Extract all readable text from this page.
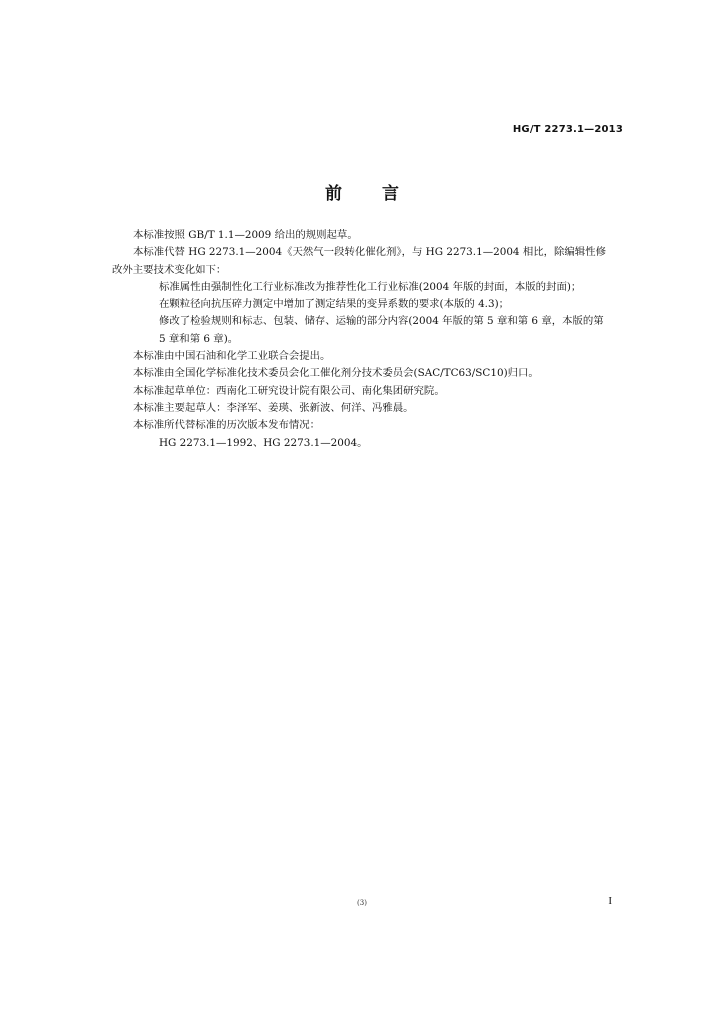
HG/T 2273.1—2013
前 言

本标准按照 GB/T 1.1—2009 给出的规则起草。

本标准代替 HG 2273.1—2004《天然气一段转化催化剂》，与 HG 2273.1—2004 相比，除编辑性修

改外主要技术变化如下：

标准属性由强制性化工行业标准改为推荐性化工行业标准(2004 年版的封面，本版的封面)；

在颗粒径向抗压碎力测定中增加了测定结果的变异系数的要求(本版的 4.3)；

修改了检验规则和标志、包装、储存、运输的部分内容(2004 年版的第 5 章和第 6 章，本版的第

5 章和第 6 章)。

本标准由中国石油和化学工业联合会提出。

本标准由全国化学标准化技术委员会化工催化剂分技术委员会(SAC/TC63/SC10)归口。

本标准起草单位：西南化工研究设计院有限公司、南化集团研究院。

本标准主要起草人：李泽军、姜瑛、张新波、何洋、冯雅晨。

本标准所代替标准的历次版本发布情况：

HG 2273.1—1992、HG 2273.1—2004。

(3)	I
